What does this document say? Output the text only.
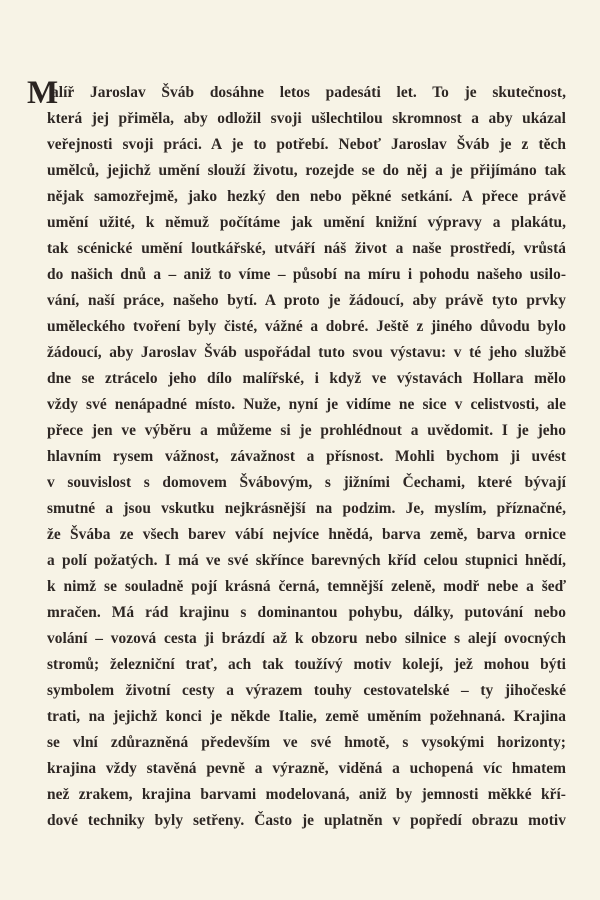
M
alíř Jaroslav Šváb dosáhne letos padesáti let. To je skutečnost,
která jej přiměla, aby odložil svoji ušlechtilou skromnost a aby ukázal
veřejnosti svoji práci. A je to potřebí. Neboť Jaroslav Šváb je z těch
umělců, jejichž umění slouží životu, rozejde se do něj a je přijímáno tak
nějak samozřejmě, jako hezký den nebo pěkné setkání. A přece právě
umění užité, k němuž počítáme jak umění knižní výpravy a plakátu,
tak scénické umění loutkářské, utváří náš život a naše prostředí, vrůstá
do našich dnů a – aniž to víme – působí na míru i pohodu našeho usilo-
vání, naší práce, našeho bytí. A proto je žádoucí, aby právě tyto prvky
uměleckého tvoření byly čisté, vážné a dobré. Ještě z jiného důvodu bylo
žádoucí, aby Jaroslav Šváb uspořádal tuto svou výstavu: v té jeho službě
dne se ztrácelo jeho dílo malířské, i když ve výstavách Hollara mělo
vždy své nenápadné místo. Nuže, nyní je vidíme ne sice v celistvosti, ale
přece jen ve výběru a můžeme si je prohlédnout a uvědomit. I je jeho
hlavním rysem vážnost, závažnost a přísnost. Mohli bychom ji uvést
v souvislost s domovem Švábovým, s jižními Čechami, které bývají
smutné a jsou vskutku nejkrásnější na podzim. Je, myslím, příznačné,
že Švába ze všech barev vábí nejvíce hnědá, barva země, barva ornice
a polí požatých. I má ve své skřínce barevných kříd celou stupnici hnědí,
k nimž se souladně pojí krásná černá, temnější zeleně, modř nebe a šeď
mračen. Má rád krajinu s dominantou pohybu, dálky, putování nebo
volání – vozová cesta ji brázdí až k obzoru nebo silnice s alejí ovocných
stromů; železniční trať, ach tak toužívý motiv kolejí, jež mohou býti
symbolem životní cesty a výrazem touhy cestovatelské – ty jihočeské
trati, na jejichž konci je někde Italie, země uměním požehnaná. Krajina
se vlní zdůrazněná především ve své hmotě, s vysokými horizonty;
krajina vždy stavěná pevně a výrazně, viděná a uchopená víc hmatem
než zrakem, krajina barvami modelovaná, aniž by jemnosti měkké kří-
dové techniky byly setřeny. Často je uplatněn v popředí obrazu motiv
